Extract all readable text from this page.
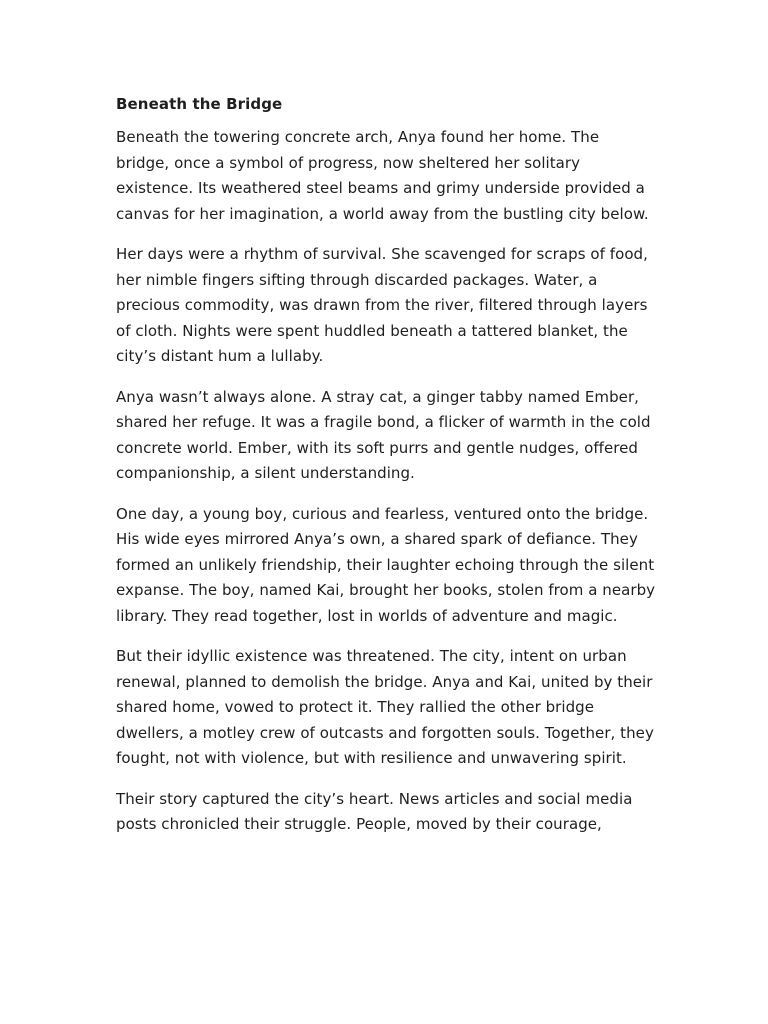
Beneath the Bridge

Beneath the towering concrete arch, Anya found her home. The bridge, once a symbol of progress, now sheltered her solitary existence. Its weathered steel beams and grimy underside provided a canvas for her imagination, a world away from the bustling city below.

Her days were a rhythm of survival. She scavenged for scraps of food, her nimble fingers sifting through discarded packages. Water, a precious commodity, was drawn from the river, filtered through layers of cloth. Nights were spent huddled beneath a tattered blanket, the city’s distant hum a lullaby.

Anya wasn’t always alone. A stray cat, a ginger tabby named Ember, shared her refuge. It was a fragile bond, a flicker of warmth in the cold concrete world. Ember, with its soft purrs and gentle nudges, offered companionship, a silent understanding.

One day, a young boy, curious and fearless, ventured onto the bridge. His wide eyes mirrored Anya’s own, a shared spark of defiance. They formed an unlikely friendship, their laughter echoing through the silent expanse. The boy, named Kai, brought her books, stolen from a nearby library. They read together, lost in worlds of adventure and magic.

But their idyllic existence was threatened. The city, intent on urban renewal, planned to demolish the bridge. Anya and Kai, united by their shared home, vowed to protect it. They rallied the other bridge dwellers, a motley crew of outcasts and forgotten souls. Together, they fought, not with violence, but with resilience and unwavering spirit.

Their story captured the city’s heart. News articles and social media posts chronicled their struggle. People, moved by their courage,
